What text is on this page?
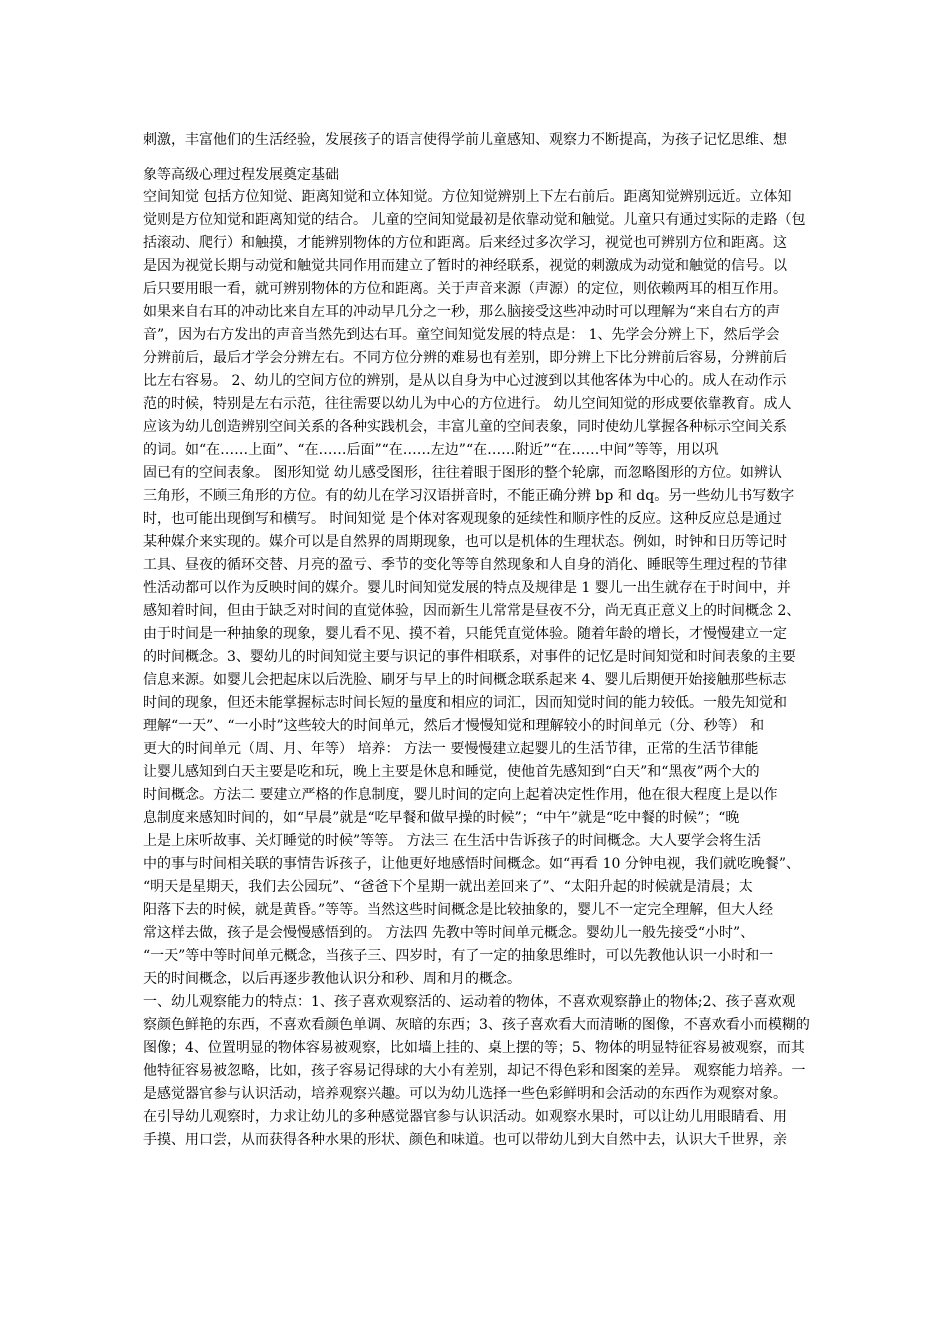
刺激，丰富他们的生活经验，发展孩子的语言使得学前儿童感知、观察力不断提高，为孩子记忆思维、想
象等高级心理过程发展奠定基础
空间知觉 包括方位知觉、距离知觉和立体知觉。方位知觉辨别上下左右前后。距离知觉辨别远近。立体知
觉则是方位知觉和距离知觉的结合。 儿童的空间知觉最初是依靠动觉和触觉。儿童只有通过实际的走路（包
括滚动、爬行）和触摸，才能辨别物体的方位和距离。后来经过多次学习，视觉也可辨别方位和距离。这
是因为视觉长期与动觉和触觉共同作用而建立了暂时的神经联系，视觉的刺激成为动觉和触觉的信号。以
后只要用眼一看，就可辨别物体的方位和距离。关于声音来源（声源）的定位，则依赖两耳的相互作用。
如果来自右耳的冲动比来自左耳的冲动早几分之一秒，那么脑接受这些冲动时可以理解为“来自右方的声
音”，因为右方发出的声音当然先到达右耳。童空间知觉发展的特点是： 1、先学会分辨上下，然后学会
分辨前后，最后才学会分辨左右。不同方位分辨的难易也有差别，即分辨上下比分辨前后容易，分辨前后
比左右容易。 2、幼儿的空间方位的辨别，是从以自身为中心过渡到以其他客体为中心的。成人在动作示
范的时候，特别是左右示范，往往需要以幼儿为中心的方位进行。 幼儿空间知觉的形成要依靠教育。成人
应该为幼儿创造辨别空间关系的各种实践机会，丰富儿童的空间表象，同时使幼儿掌握各种标示空间关系
的词。如“在……上面”、“在……后面”“在……左边”“在……附近”“在……中间”等等，用以巩
固已有的空间表象。 图形知觉 幼儿感受图形，往往着眼于图形的整个轮廓，而忽略图形的方位。如辨认
三角形，不顾三角形的方位。有的幼儿在学习汉语拼音时，不能正确分辨 bp 和 dq。另一些幼儿书写数字
时，也可能出现倒写和横写。 时间知觉 是个体对客观现象的延续性和顺序性的反应。这种反应总是通过
某种媒介来实现的。媒介可以是自然界的周期现象，也可以是机体的生理状态。例如，时钟和日历等记时
工具、昼夜的循环交替、月亮的盈亏、季节的变化等等自然现象和人自身的消化、睡眠等生理过程的节律
性活动都可以作为反映时间的媒介。婴儿时间知觉发展的特点及规律是 1 婴儿一出生就存在于时间中，并
感知着时间，但由于缺乏对时间的直觉体验，因而新生儿常常是昼夜不分，尚无真正意义上的时间概念 2、
由于时间是一种抽象的现象，婴儿看不见、摸不着，只能凭直觉体验。随着年龄的增长，才慢慢建立一定
的时间概念。3、婴幼儿的时间知觉主要与识记的事件相联系，对事件的记忆是时间知觉和时间表象的主要
信息来源。如婴儿会把起床以后洗脸、刷牙与早上的时间概念联系起来 4、婴儿后期便开始接触那些标志
时间的现象，但还未能掌握标志时间长短的量度和相应的词汇，因而知觉时间的能力较低。一般先知觉和
理解“一天”、“一小时”这些较大的时间单元，然后才慢慢知觉和理解较小的时间单元（分、秒等） 和
更大的时间单元（周、月、年等） 培养： 方法一 要慢慢建立起婴儿的生活节律，正常的生活节律能
让婴儿感知到白天主要是吃和玩，晚上主要是休息和睡觉，使他首先感知到“白天”和“黑夜”两个大的
时间概念。方法二 要建立严格的作息制度，婴儿时间的定向上起着决定性作用，他在很大程度上是以作
息制度来感知时间的，如“早晨”就是“吃早餐和做早操的时候”；“中午”就是“吃中餐的时候”；“晚
上是上床听故事、关灯睡觉的时候”等等。 方法三 在生活中告诉孩子的时间概念。大人要学会将生活
中的事与时间相关联的事情告诉孩子，让他更好地感悟时间概念。如“再看 10 分钟电视，我们就吃晚餐”、
“明天是星期天，我们去公园玩”、“爸爸下个星期一就出差回来了”、“太阳升起的时候就是清晨；太
阳落下去的时候，就是黄昏。”等等。当然这些时间概念是比较抽象的，婴儿不一定完全理解，但大人经
常这样去做，孩子是会慢慢感悟到的。 方法四 先教中等时间单元概念。婴幼儿一般先接受“小时”、
“一天”等中等时间单元概念，当孩子三、四岁时，有了一定的抽象思维时，可以先教他认识一小时和一
天的时间概念，以后再逐步教他认识分和秒、周和月的概念。
一、幼儿观察能力的特点：1、孩子喜欢观察活的、运动着的物体，不喜欢观察静止的物体;2、孩子喜欢观
察颜色鲜艳的东西，不喜欢看颜色单调、灰暗的东西；3、孩子喜欢看大而清晰的图像，不喜欢看小而模糊的
图像；4、位置明显的物体容易被观察，比如墙上挂的、桌上摆的等；5、物体的明显特征容易被观察，而其
他特征容易被忽略，比如，孩子容易记得球的大小有差别，却记不得色彩和图案的差异。 观察能力培养。一
是感觉器官参与认识活动，培养观察兴趣。可以为幼儿选择一些色彩鲜明和会活动的东西作为观察对象。
在引导幼儿观察时，力求让幼儿的多种感觉器官参与认识活动。如观察水果时，可以让幼儿用眼睛看、用
手摸、用口尝，从而获得各种水果的形状、颜色和味道。也可以带幼儿到大自然中去，认识大千世界，亲
